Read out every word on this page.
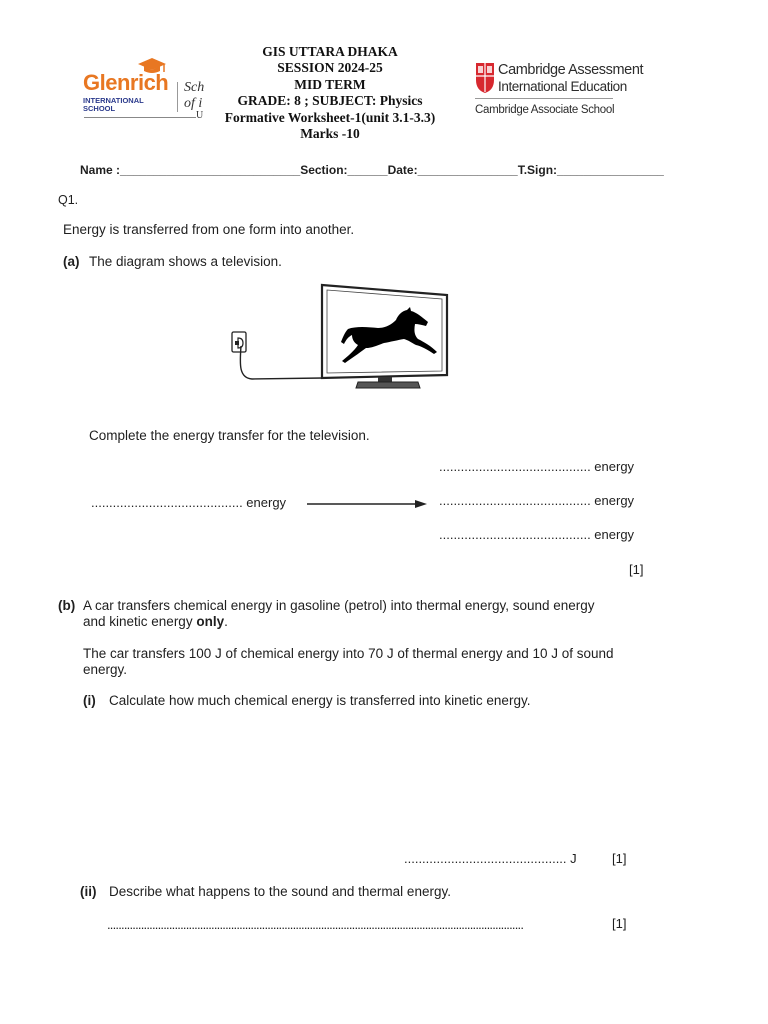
GIS UTTARA DHAKA
SESSION 2024-25
MID TERM
GRADE: 8 ; SUBJECT: Physics
Formative Worksheet-1(unit 3.1-3.3)
Marks -10
Glenrich
INTERNATIONAL SCHOOL
Sch
of i
U
Cambridge Assessment
International Education
Cambridge Associate School
Name :___________________________Section:______Date:_______________T.Sign:________________
Q1.
Energy is transferred from one form into another.
(a) The diagram shows a television.
Complete the energy transfer for the television.
.......................................... energy
.......................................... energy	.......................................... energy
.......................................... energy
[1]
(b) A car transfers chemical energy in gasoline (petrol) into thermal energy, sound energy
and kinetic energy only.
The car transfers 100 J of chemical energy into 70 J of thermal energy and 10 J of sound
energy.
(i) Calculate how much chemical energy is transferred into kinetic energy.
............................................. J	[1]
(ii) Describe what happens to the sound and thermal energy.
....................................................................................................................................................	[1]
